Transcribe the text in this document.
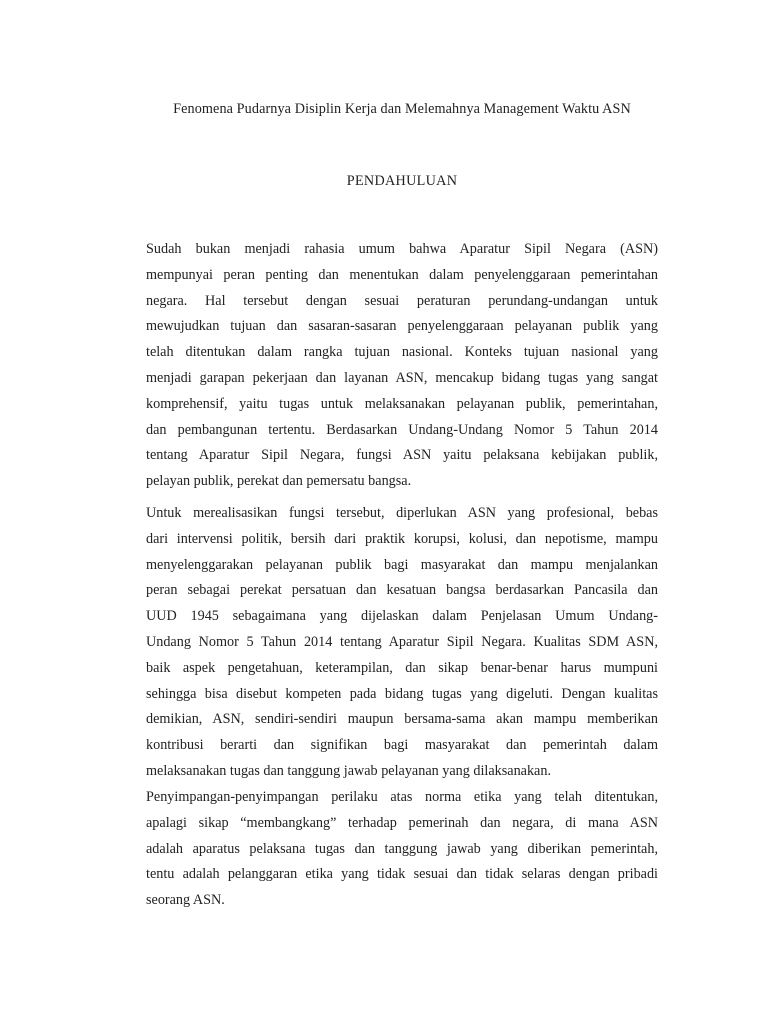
Fenomena Pudarnya Disiplin Kerja dan Melemahnya Management Waktu ASN
PENDAHULUAN
Sudah bukan menjadi rahasia umum bahwa Aparatur Sipil Negara (ASN)
mempunyai peran penting dan menentukan dalam penyelenggaraan pemerintahan
negara. Hal tersebut dengan sesuai peraturan perundang-undangan untuk
mewujudkan tujuan dan sasaran-sasaran penyelenggaraan pelayanan publik yang
telah ditentukan dalam rangka tujuan nasional. Konteks tujuan nasional yang
menjadi garapan pekerjaan dan layanan ASN, mencakup bidang tugas yang sangat
komprehensif, yaitu tugas untuk melaksanakan pelayanan publik, pemerintahan,
dan pembangunan tertentu. Berdasarkan Undang-Undang Nomor 5 Tahun 2014
tentang Aparatur Sipil Negara, fungsi ASN yaitu pelaksana kebijakan publik,
pelayan publik, perekat dan pemersatu bangsa.
Untuk merealisasikan fungsi tersebut, diperlukan ASN yang profesional, bebas
dari intervensi politik, bersih dari praktik korupsi, kolusi, dan nepotisme, mampu
menyelenggarakan pelayanan publik bagi masyarakat dan mampu menjalankan
peran sebagai perekat persatuan dan kesatuan bangsa berdasarkan Pancasila dan
UUD 1945 sebagaimana yang dijelaskan dalam Penjelasan Umum Undang-
Undang Nomor 5 Tahun 2014 tentang Aparatur Sipil Negara. Kualitas SDM ASN,
baik aspek pengetahuan, keterampilan, dan sikap benar-benar harus mumpuni
sehingga bisa disebut kompeten pada bidang tugas yang digeluti. Dengan kualitas
demikian, ASN, sendiri-sendiri maupun bersama-sama akan mampu memberikan
kontribusi berarti dan signifikan bagi masyarakat dan pemerintah dalam
melaksanakan tugas dan tanggung jawab pelayanan yang dilaksanakan.
Penyimpangan-penyimpangan perilaku atas norma etika yang telah ditentukan,
apalagi sikap “membangkang” terhadap pemerinah dan negara, di mana ASN
adalah aparatus pelaksana tugas dan tanggung jawab yang diberikan pemerintah,
tentu adalah pelanggaran etika yang tidak sesuai dan tidak selaras dengan pribadi
seorang ASN.
